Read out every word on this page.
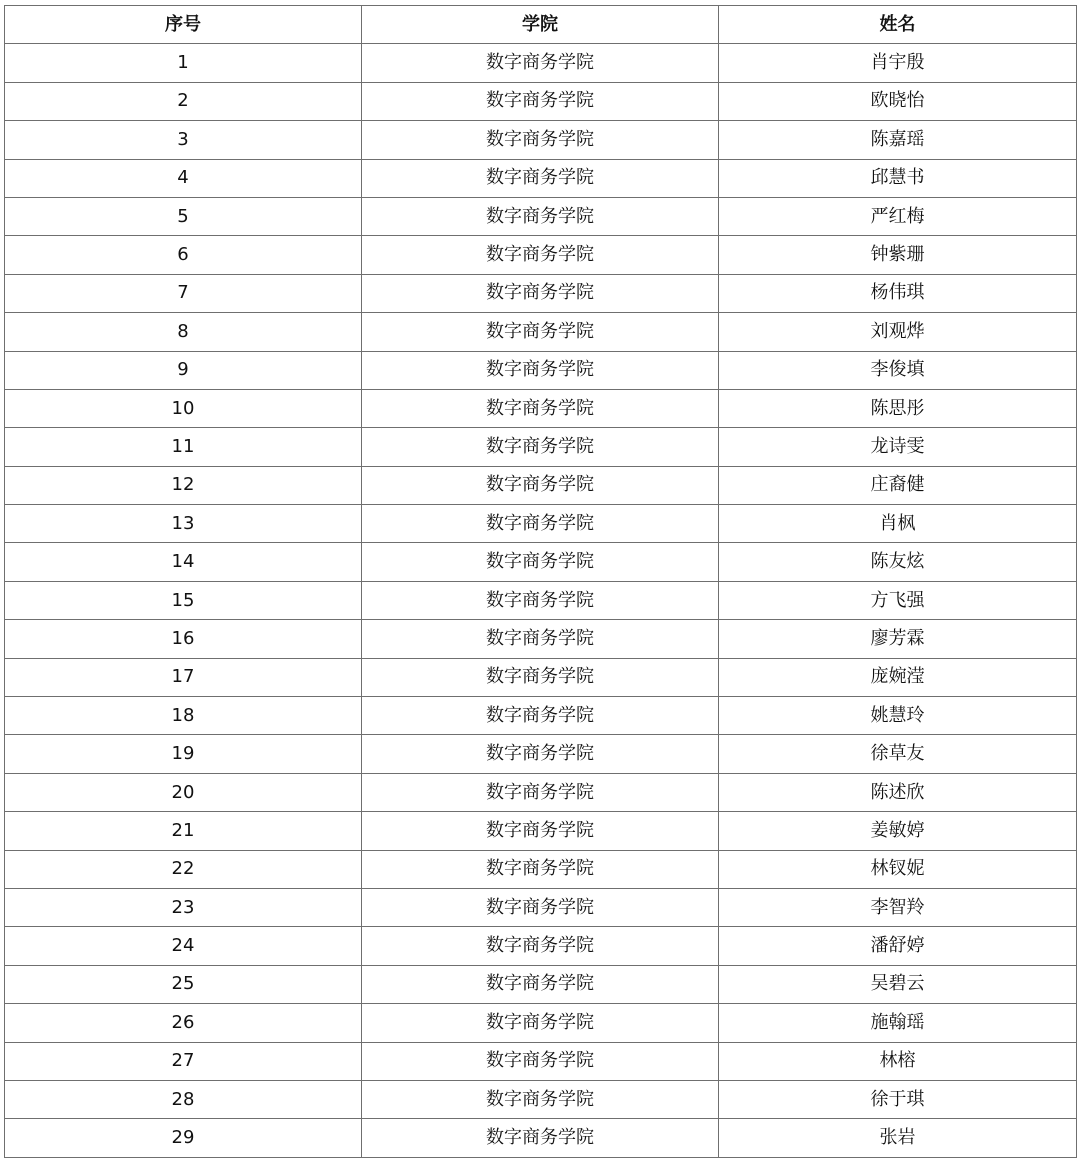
序号	学院	姓名
1	数字商务学院	肖宇殷
2	数字商务学院	欧晓怡
3	数字商务学院	陈嘉瑶
4	数字商务学院	邱慧书
5	数字商务学院	严红梅
6	数字商务学院	钟紫珊
7	数字商务学院	杨伟琪
8	数字商务学院	刘观烨
9	数字商务学院	李俊填
10	数字商务学院	陈思彤
11	数字商务学院	龙诗雯
12	数字商务学院	庄裔健
13	数字商务学院	肖枫
14	数字商务学院	陈友炫
15	数字商务学院	方飞强
16	数字商务学院	廖芳霖
17	数字商务学院	庞婉滢
18	数字商务学院	姚慧玲
19	数字商务学院	徐草友
20	数字商务学院	陈述欣
21	数字商务学院	姜敏婷
22	数字商务学院	林钗妮
23	数字商务学院	李智羚
24	数字商务学院	潘舒婷
25	数字商务学院	吴碧云
26	数字商务学院	施翰瑶
27	数字商务学院	林榕
28	数字商务学院	徐于琪
29	数字商务学院	张岩
